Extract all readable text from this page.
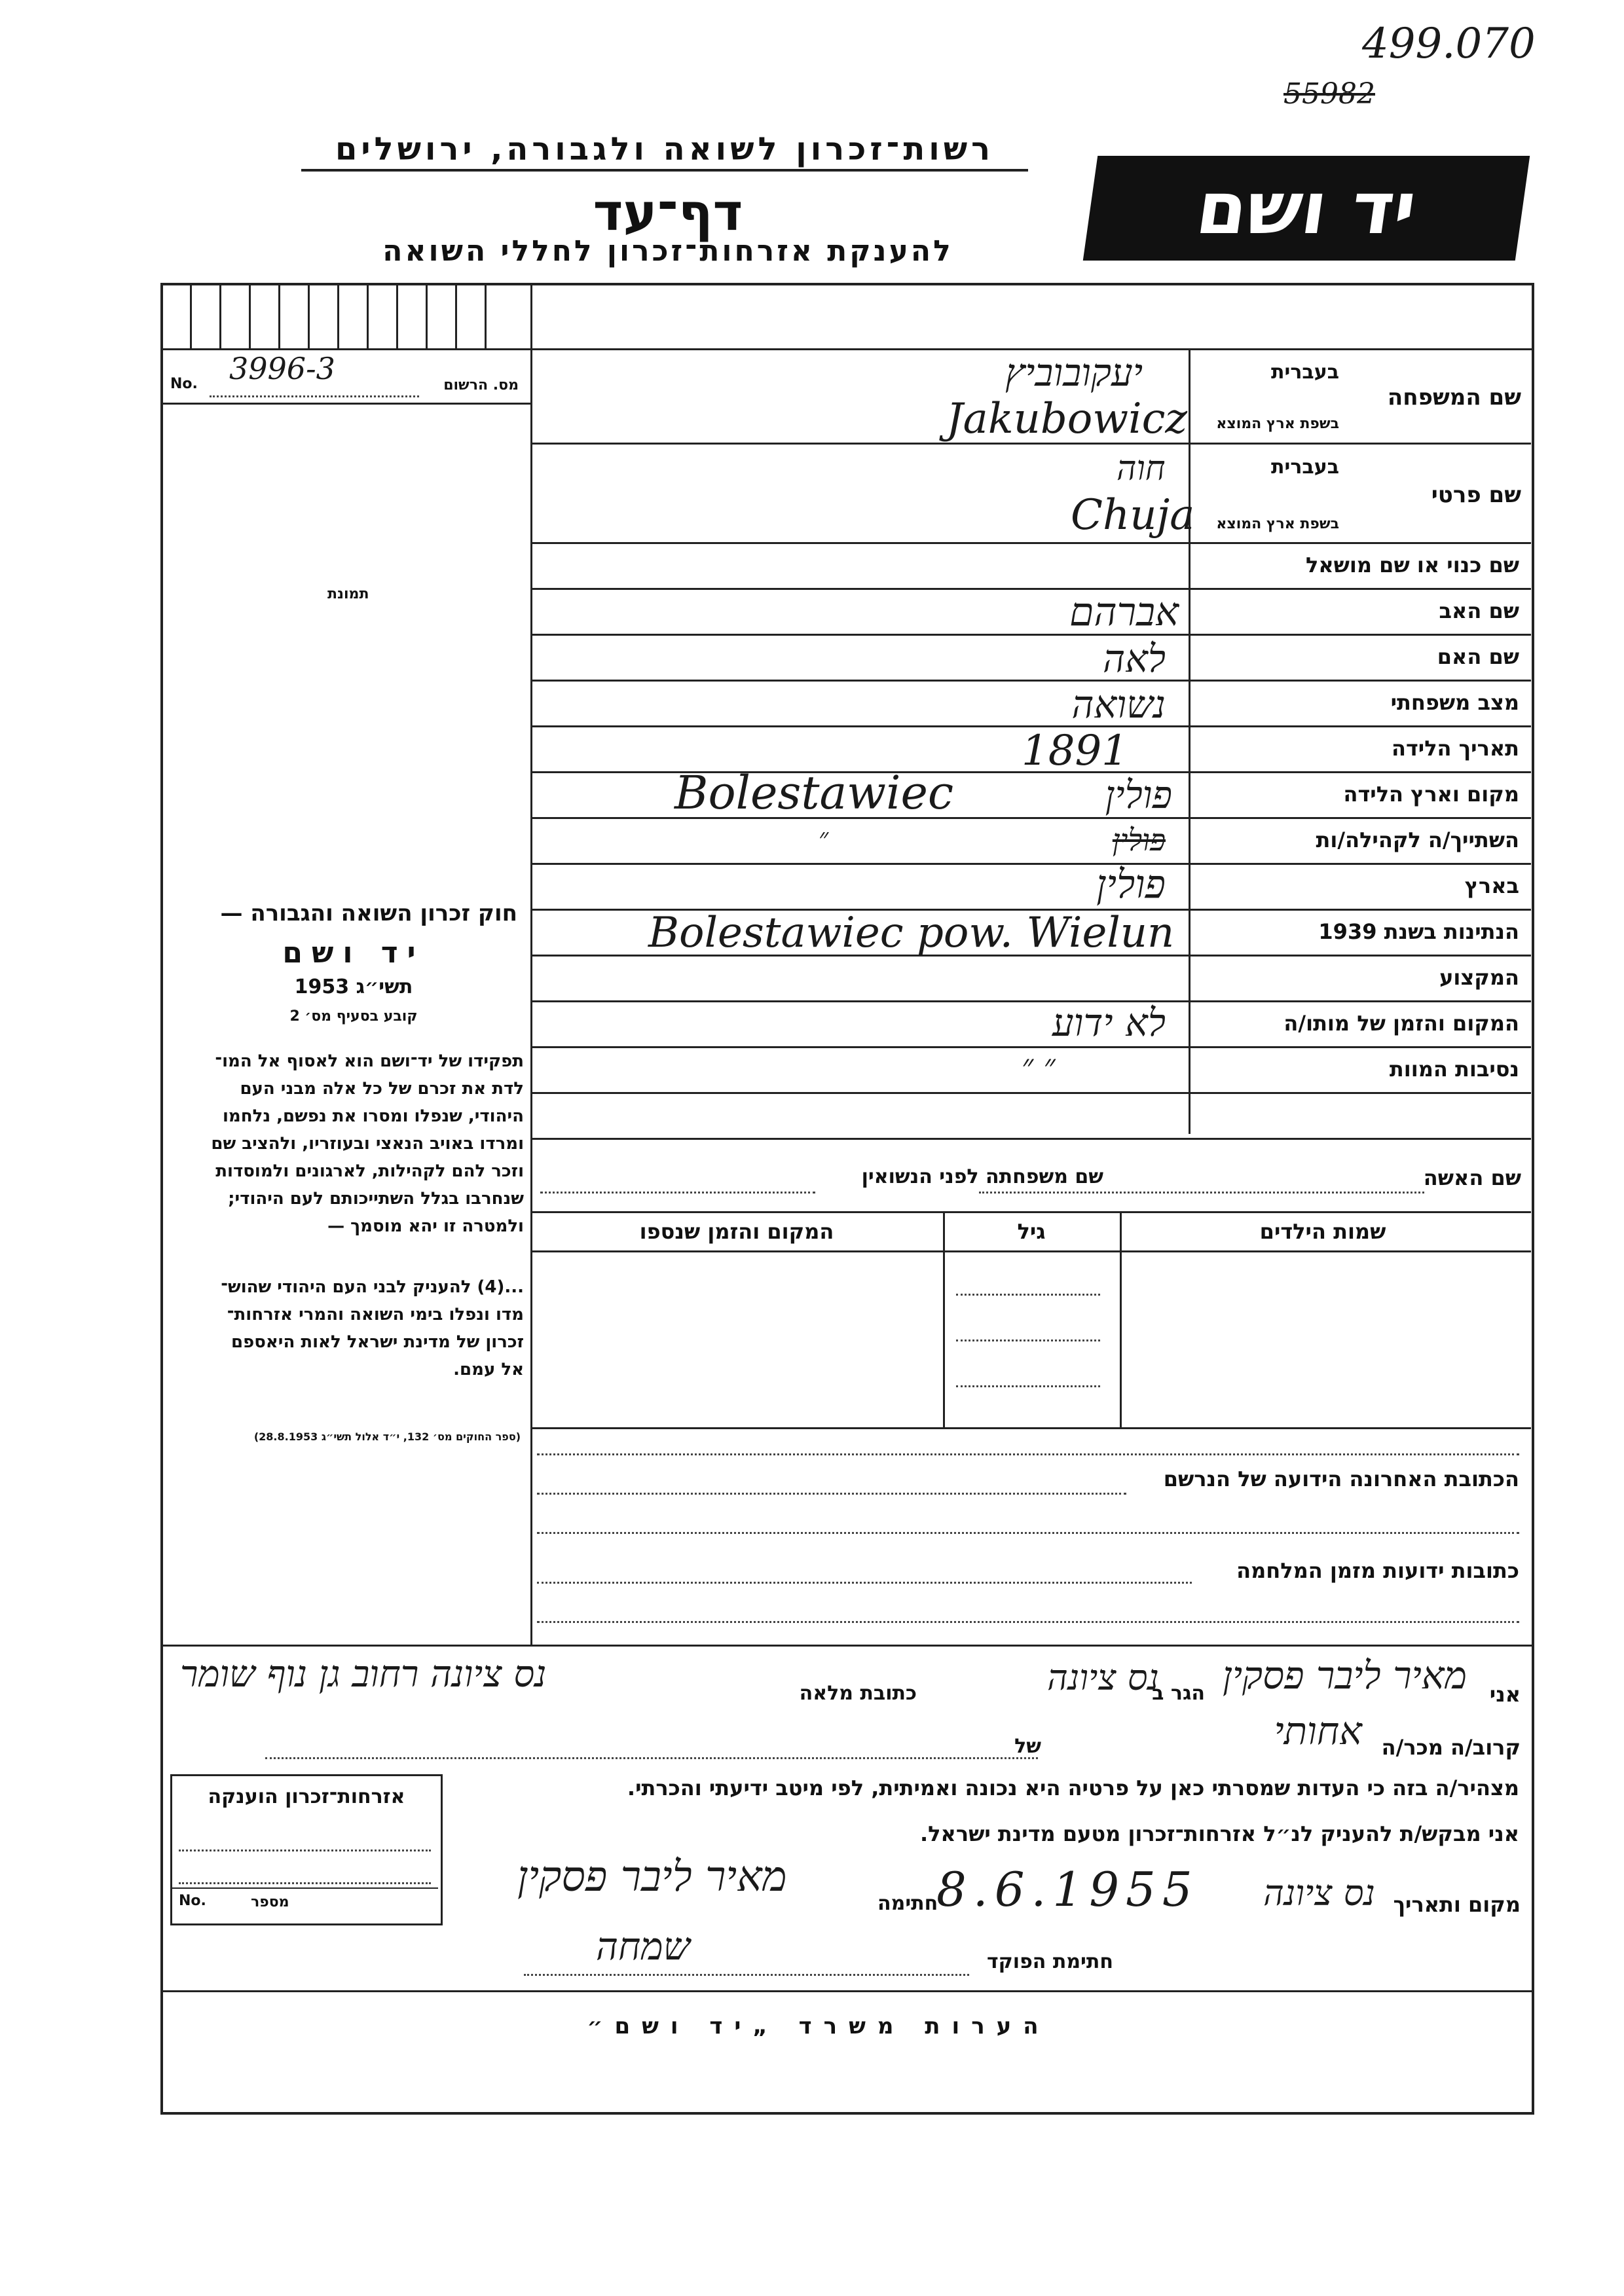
499.070
55982
רשות־זכרון לשואה ולגבורה, ירושלים
דף־עד
להענקת אזרחות־זכרון לחללי השואה
יד ושם
מס. הרשום
No. 3996-3
תמונת
חוק זכרון השואה והגבורה —
יד ושם
תשי״ג 1953
קובע בסעיף מס׳ 2
תפקידו של יד־ושם הוא לאסוף אל המו־
לדת את זכרם של כל אלה מבני העם
היהודי, שנפלו ומסרו את נפשם, נלחמו
ומרדו באויב הנאצי ובעוזריו, ולהציב שם
וזכר להם לקהילות, לארגונים ולמוסדות
שנחרבו בגלל השתייכותם לעם היהודי;
ולמטרה זו יהא מוסמך —
...(4) להעניק לבני העם היהודי שהוש־
מדו ונפלו בימי השואה והמרי אזרחות־
זכרון של מדינת ישראל לאות היאספם
אל עמם.
(ספר החוקים מס׳ 132, י״ד אלול תשי״ג 28.8.1953)
שם המשפחה
בעברית
בשפת ארץ המוצא
יעקובוביץ
Jakubowicz
שם פרטי
בעברית
בשפת ארץ המוצא
חוה
Chuja
שם כנוי או שם מושאל
שם האב
אברהם
שם האם
לאה
מצב משפחתי
נשואה
תאריך הלידה
1891
מקום וארץ הלידה
Bolestawiec	פולין
השתייך/ה לקהילה/ות
״	פולין
בארץ
פולין
הנתינות בשנת 1939
Bolestawiec pow. Wielun
המקצוע
המקום והזמן של מותו/ה
לא ידוע
נסיבות המוות
״ ״
שם האשה
שם משפחתה לפני הנשואין
שמות הילדים
גיל
המקום והזמן שנספו
הכתובת האחרונה הידועה של הנרשם
כתובות ידועות מזמן המלחמה
אני
מאיר ליבר פסקין
הגר ב
נס ציונה
כתובת מלאה
נס ציונה רחוב גן נוף שומר
קרוב/ה מכר/ה
אחותי
של
אזרחות־זכרון הוענקה
מספר
No.
מצהיר/ה בזה כי העדות שמסרתי כאן על פרטיה היא נכונה ואמיתית, לפי מיטב ידיעתי והכרתי.
אני מבקש/ת להעניק לנ״ל אזרחות־זכרון מטעם מדינת ישראל.
מקום ותאריך
נס ציונה
8.6.1955
חתימה
מאיר ליבר פסקין
חתימת הפוקד
שמחה
הערות משרד „יד ושם״
